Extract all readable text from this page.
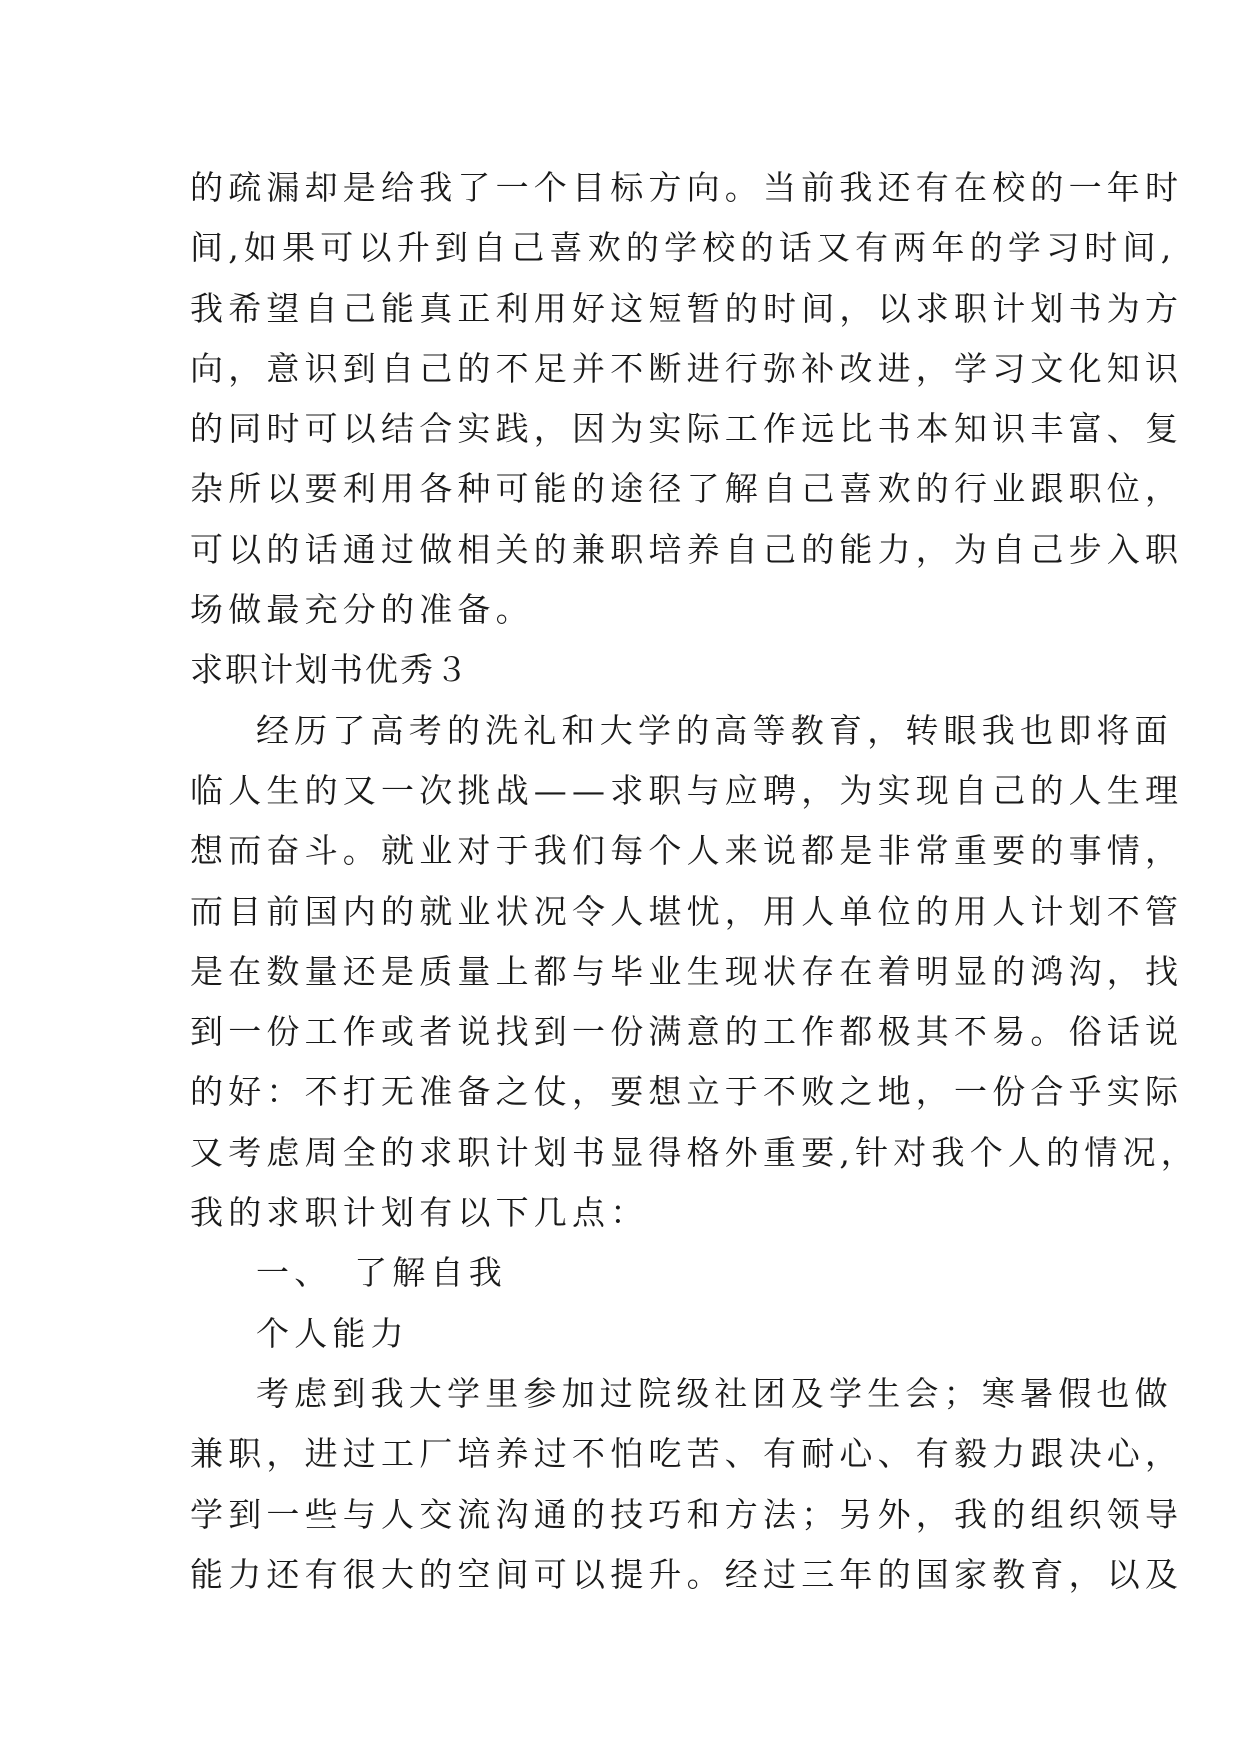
的疏漏却是给我了一个目标方向。当前我还有在校的一年时
间,如果可以升到自己喜欢的学校的话又有两年的学习时间,
我希望自己能真正利用好这短暂的时间，以求职计划书为方
向，意识到自己的不足并不断进行弥补改进，学习文化知识
的同时可以结合实践，因为实际工作远比书本知识丰富、复
杂所以要利用各种可能的途径了解自己喜欢的行业跟职位，
可以的话通过做相关的兼职培养自己的能力，为自己步入职
场做最充分的准备。
求职计划书优秀３
经历了高考的洗礼和大学的高等教育，转眼我也即将面
临人生的又一次挑战——求职与应聘，为实现自己的人生理
想而奋斗。就业对于我们每个人来说都是非常重要的事情，
而目前国内的就业状况令人堪忧，用人单位的用人计划不管
是在数量还是质量上都与毕业生现状存在着明显的鸿沟，找
到一份工作或者说找到一份满意的工作都极其不易。俗话说
的好：不打无准备之仗，要想立于不败之地，一份合乎实际
又考虑周全的求职计划书显得格外重要,针对我个人的情况，
我的求职计划有以下几点：
一、　了解自我
个人能力
考虑到我大学里参加过院级社团及学生会；寒暑假也做
兼职，进过工厂培养过不怕吃苦、有耐心、有毅力跟决心，
学到一些与人交流沟通的技巧和方法；另外，我的组织领导
能力还有很大的空间可以提升。经过三年的国家教育，以及
